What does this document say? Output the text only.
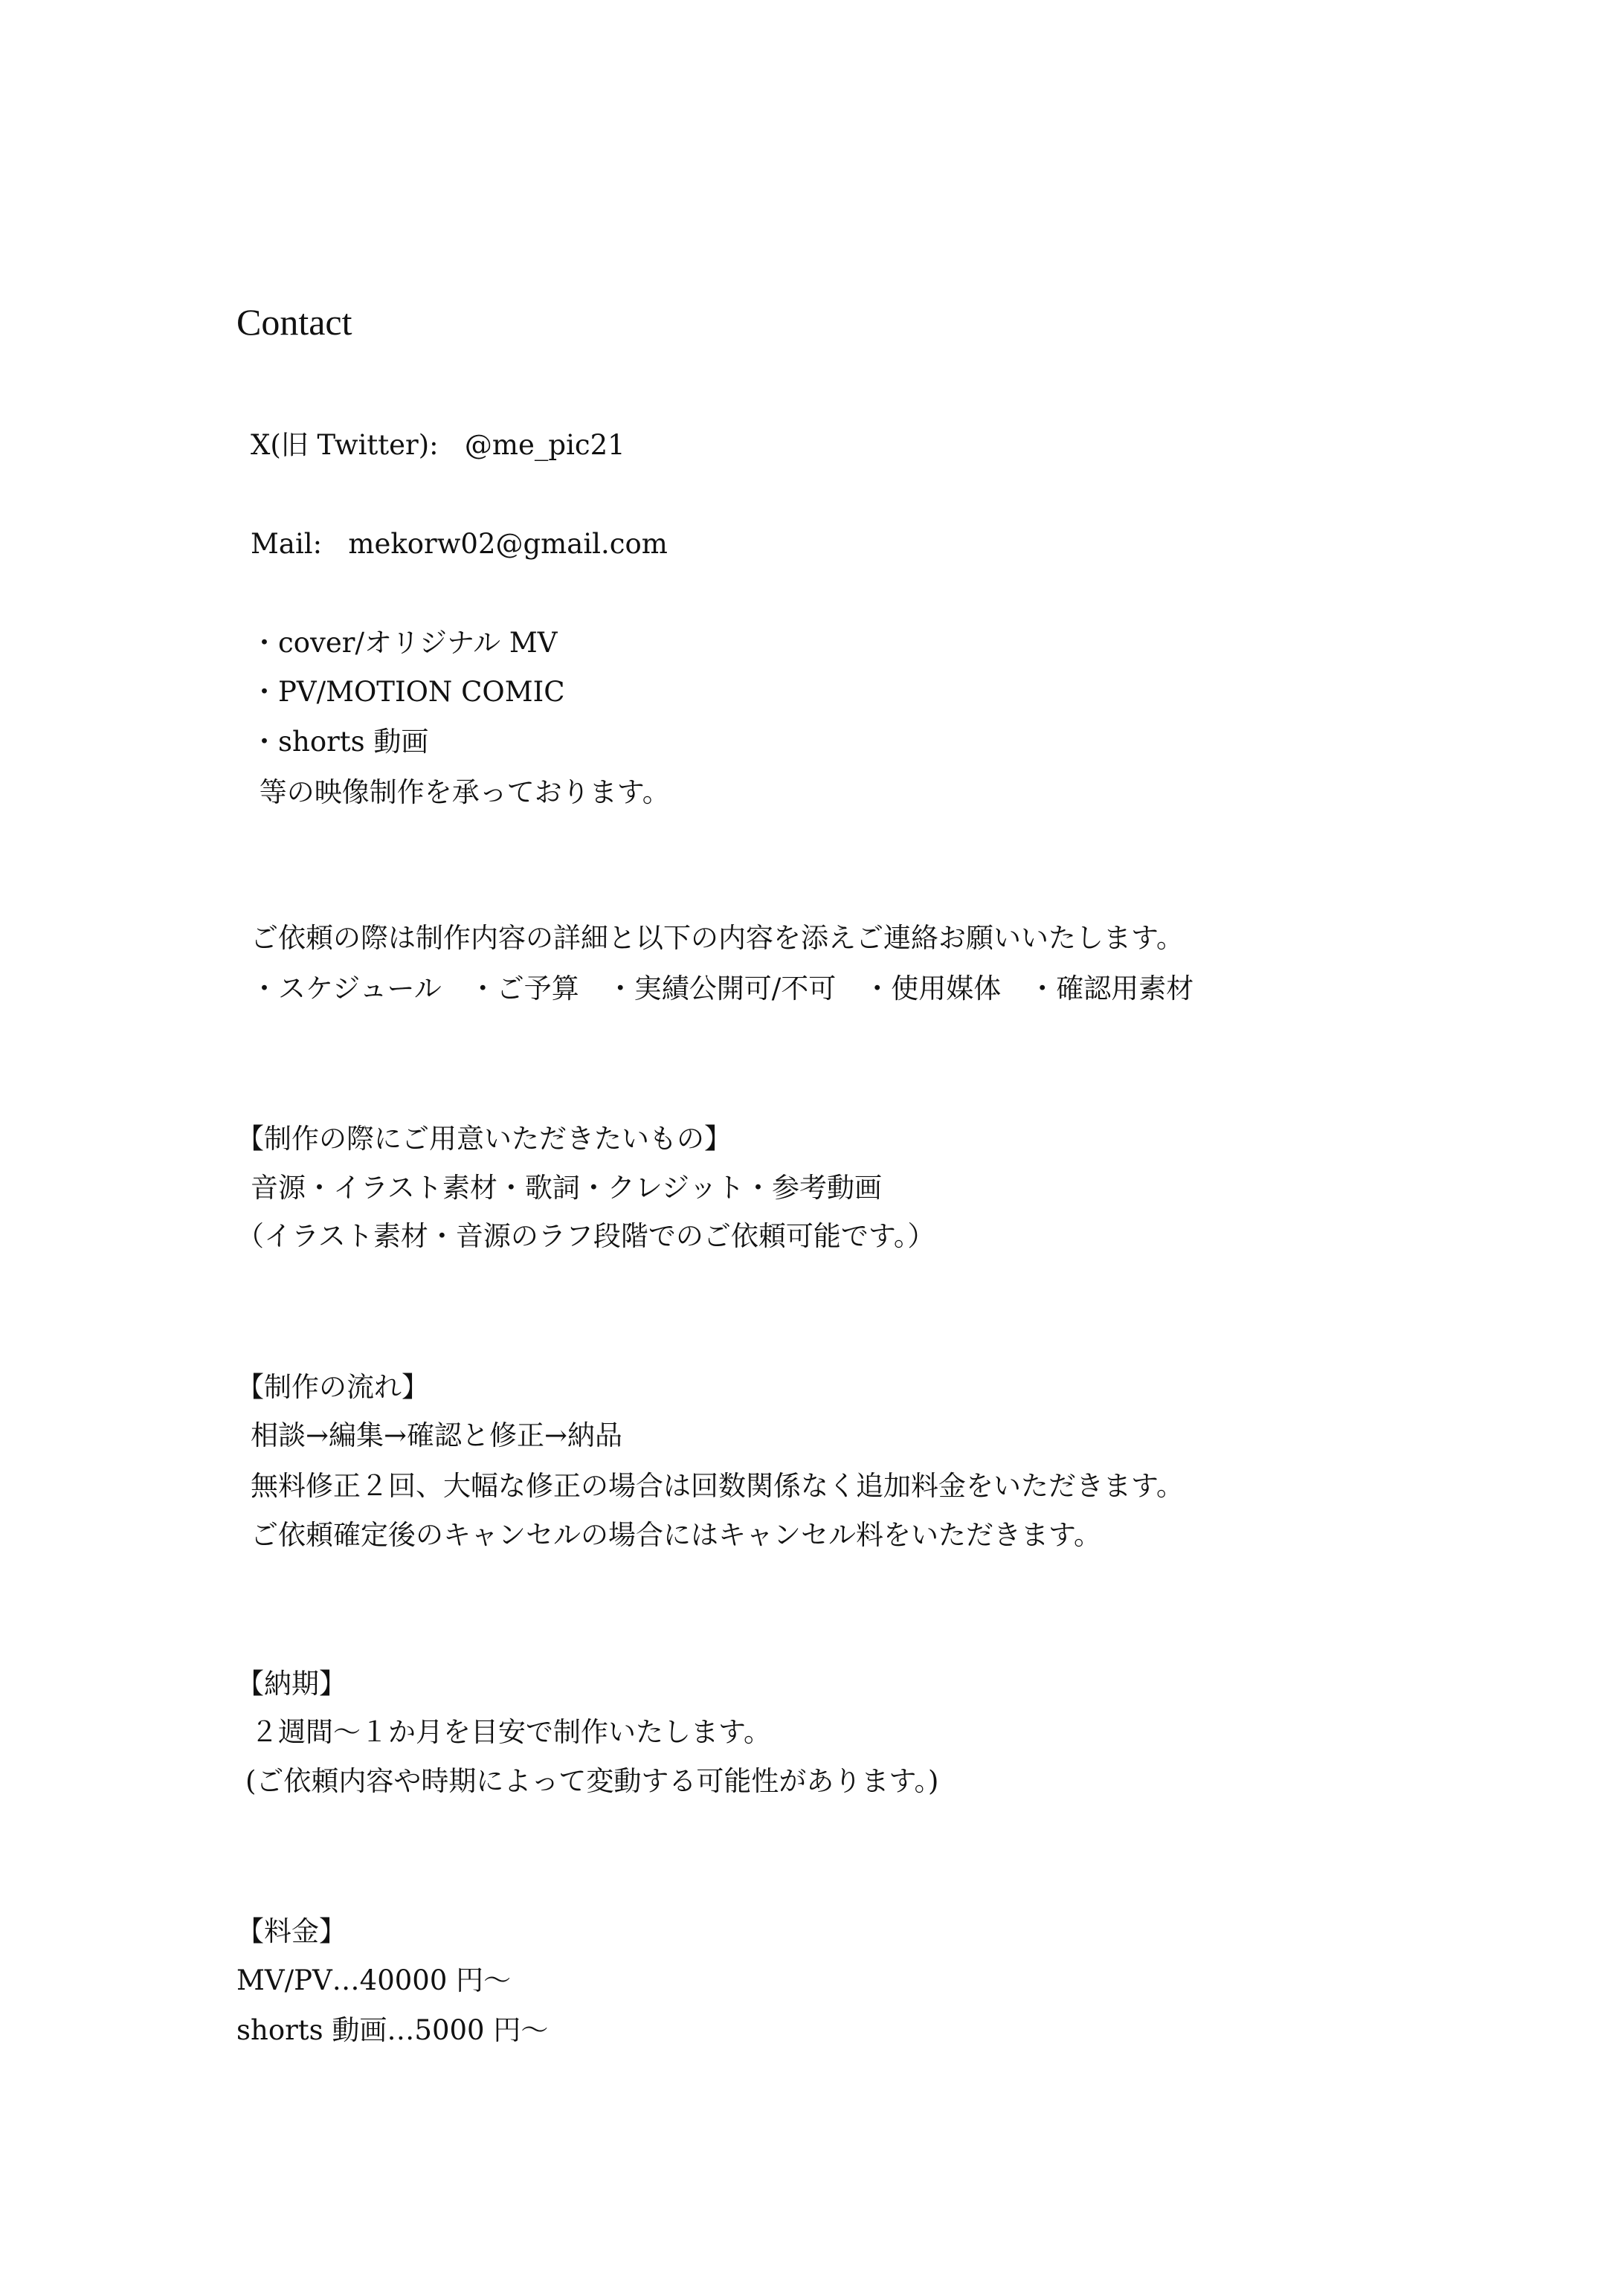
Contact
X(旧 Twitter): @me_pic21
Mail: mekorw02@gmail.com
・cover/オリジナル MV
・PV/MOTION COMIC
・shorts 動画
等の映像制作を承っております。
ご依頼の際は制作内容の詳細と以下の内容を添えご連絡お願いいたします。
・スケジュール　・ご予算　・実績公開可/不可　・使用媒体　・確認用素材
【制作の際にご用意いただきたいもの】
音源・イラスト素材・歌詞・クレジット・参考動画
（イラスト素材・音源のラフ段階でのご依頼可能です。）
【制作の流れ】
相談→編集→確認と修正→納品
無料修正２回、大幅な修正の場合は回数関係なく追加料金をいただきます。
ご依頼確定後のキャンセルの場合にはキャンセル料をいただきます。
【納期】
２週間〜１か月を目安で制作いたします。
(ご依頼内容や時期によって変動する可能性があります。)
【料金】
MV/PV…40000 円〜
shorts 動画…5000 円〜
